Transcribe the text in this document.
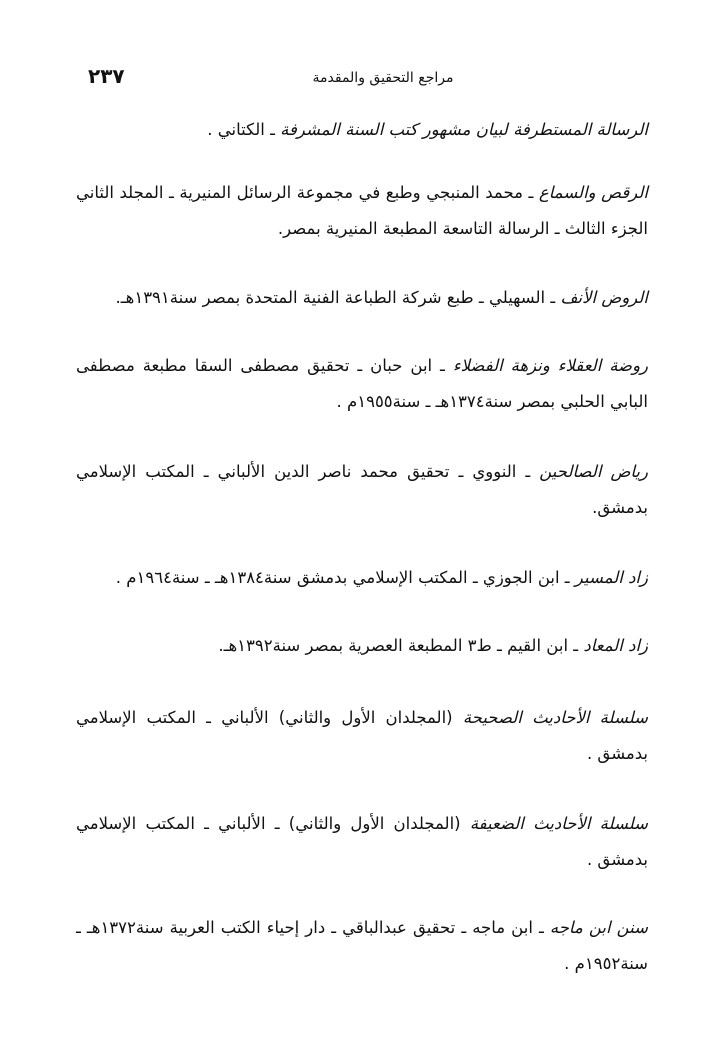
٢٣٧	مراجع التحقيق والمقدمة

الرسالة المستطرفة لبيان مشهور كتب السنة المشرفة ـ الكتاني .

الرقص والسماع ـ محمد المنبجي وطبع في مجموعة الرسائل المنيرية ـ المجلد الثاني الجزء الثالث ـ الرسالة التاسعة المطبعة المنيرية بمصر.

الروض الأنف ـ السهيلي ـ طبع شركة الطباعة الفنية المتحدة بمصر سنة١٣٩١هـ.

روضة العقلاء ونزهة الفضلاء ـ ابن حبان ـ تحقيق مصطفى السقا مطبعة مصطفى البابي الحلبي بمصر سنة١٣٧٤هـ ـ سنة١٩٥٥م .

رياض الصالحين ـ النووي ـ تحقيق محمد ناصر الدين الألباني ـ المكتب الإسلامي بدمشق.

زاد المسير ـ ابن الجوزي ـ المكتب الإسلامي بدمشق سنة١٣٨٤هـ ـ سنة١٩٦٤م .

زاد المعاد ـ ابن القيم ـ ط٣ المطبعة العصرية بمصر سنة١٣٩٢هـ.

سلسلة الأحاديث الصحيحة (المجلدان الأول والثاني) الألباني ـ المكتب الإسلامي بدمشق .

سلسلة الأحاديث الضعيفة (المجلدان الأول والثاني) ـ الألباني ـ المكتب الإسلامي بدمشق .

سنن ابن ماجه ـ ابن ماجه ـ تحقيق عبدالباقي ـ دار إحياء الكتب العربية سنة١٣٧٢هـ ـ سنة١٩٥٢م .
